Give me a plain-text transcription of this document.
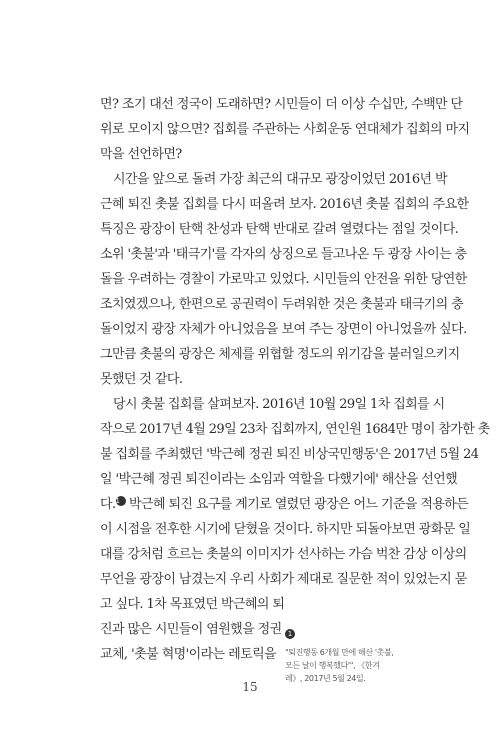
면? 조기 대선 정국이 도래하면? 시민들이 더 이상 수십만, 수백만 단
위로 모이지 않으면? 집회를 주관하는 사회운동 연대체가 집회의 마지
막을 선언하면?
시간을 앞으로 돌려 가장 최근의 대규모 광장이었던 2016년 박
근혜 퇴진 촛불 집회를 다시 떠올려 보자. 2016년 촛불 집회의 주요한
특징은 광장이 탄핵 찬성과 탄핵 반대로 갈려 열렸다는 점일 것이다.
소위 '촛불'과 '태극기'를 각자의 상징으로 들고나온 두 광장 사이는 충
돌을 우려하는 경찰이 가로막고 있었다. 시민들의 안전을 위한 당연한
조치였겠으나, 한편으로 공권력이 두려워한 것은 촛불과 태극기의 충
돌이었지 광장 자체가 아니었음을 보여 주는 장면이 아니었을까 싶다.
그만큼 촛불의 광장은 체제를 위협할 정도의 위기감을 불러일으키지
못했던 것 같다.
당시 촛불 집회를 살펴보자. 2016년 10월 29일 1차 집회를 시
작으로 2017년 4월 29일 23차 집회까지, 연인원 1684만 명이 참가한 촛
불 집회를 주최했던 '박근혜 정권 퇴진 비상국민행동'은 2017년 5월 24
일 '박근혜 정권 퇴진이라는 소임과 역할을 다했기에' 해산을 선언했
다.1 박근혜 퇴진 요구를 계기로 열렸던 광장은 어느 기준을 적용하든
이 시점을 전후한 시기에 닫혔을 것이다. 하지만 되돌아보면 광화문 일
대를 강처럼 흐르는 촛불의 이미지가 선사하는 가슴 벅찬 감상 이상의
무언을 광장이 남겼는지 우리 사회가 제대로 질문한 적이 있었는지 묻
고 싶다. 1차 목표였던 박근혜의 퇴
진과 많은 시민들이 염원했을 정권
교체, '촛불 혁명'이라는 레토릭을
1
"퇴진행동 6개월 만에 해산 '촛불, 모든 날이 행복했다'", 《한겨레》, 2017년 5월 24일.
15
